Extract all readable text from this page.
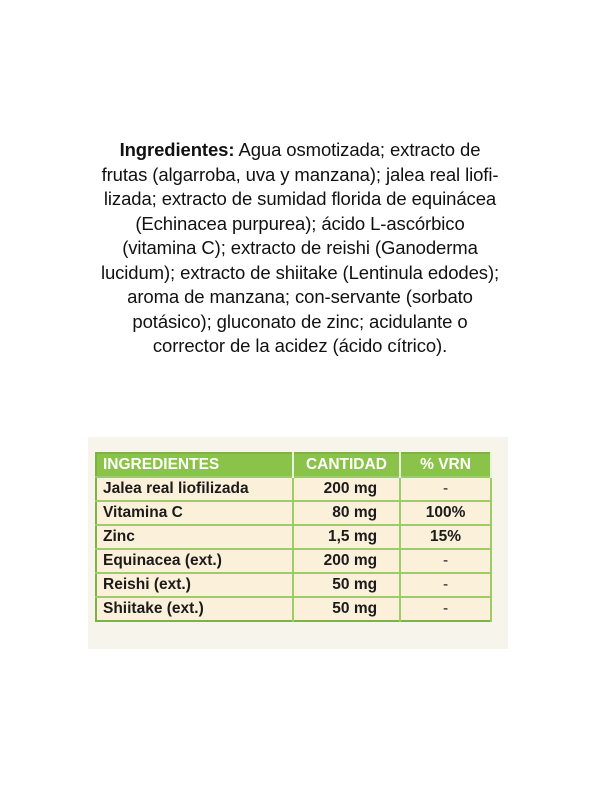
Ingredientes: Agua osmotizada; extracto de frutas (algarroba, uva y manzana); jalea real liofi-lizada; extracto de sumidad florida de equinácea (Echinacea purpurea); ácido L-ascórbico (vitamina C); extracto de reishi (Ganoderma lucidum); extracto de shiitake (Lentinula edodes); aroma de manzana; con-servante (sorbato potásico); gluconato de zinc; acidulante o corrector de la acidez (ácido cítrico).
INGREDIENTES	CANTIDAD	% VRN
Jalea real liofilizada	200 mg	-
Vitamina C	80 mg	100%
Zinc	1,5 mg	15%
Equinacea (ext.)	200 mg	-
Reishi (ext.)	50 mg	-
Shiitake (ext.)	50 mg	-
